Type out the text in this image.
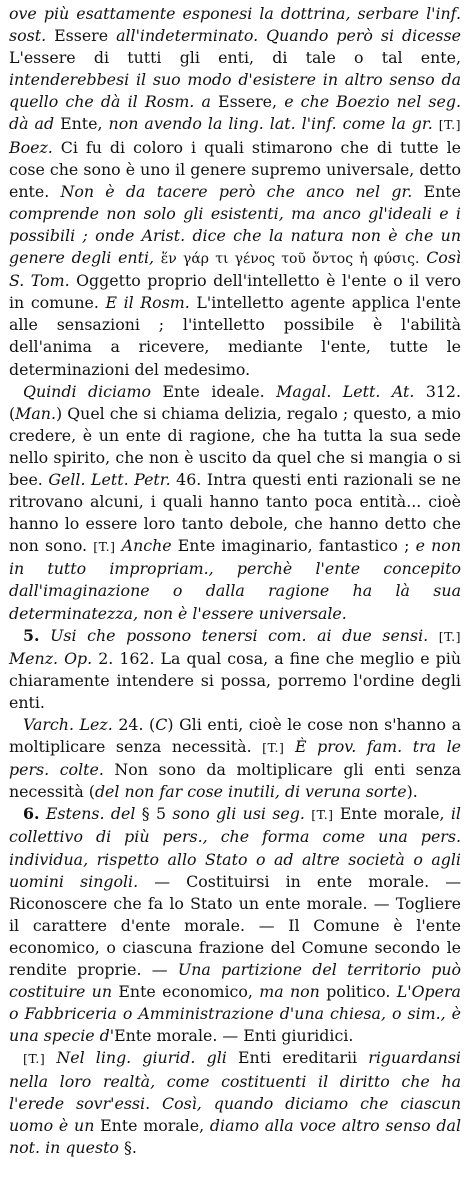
ove più esattamente esponesi la dottrina, serbare l'inf. sost. Essere all'indeterminato. Quando però si dicesse L'essere di tutti gli enti, di tale o tal ente, intenderebbesi il suo modo d'esistere in altro senso da quello che dà il Rosm. a Essere, e che Boezio nel seg. dà ad Ente, non avendo la ling. lat. l'inf. come la gr. [T.] Boez. Ci fu di coloro i quali stimarono che di tutte le cose che sono è uno il genere supremo universale, detto ente. Non è da tacere però che anco nel gr. Ente comprende non solo gli esistenti, ma anco gl'ideali e i possibili ; onde Arist. dice che la natura non è che un genere degli enti, ἕν γάρ τι γένος τοῦ ὄντος ἡ φύσις. Così S. Tom. Oggetto proprio dell'intelletto è l'ente o il vero in comune. E il Rosm. L'intelletto agente applica l'ente alle sensazioni ; l'intelletto possibile è l'abilità dell'anima a ricevere, mediante l'ente, tutte le determinazioni del medesimo.

Quindi diciamo Ente ideale. Magal. Lett. At. 312. (Man.) Quel che si chiama delizia, regalo ; questo, a mio credere, è un ente di ragione, che ha tutta la sua sede nello spirito, che non è uscito da quel che si mangia o si bee. Gell. Lett. Petr. 46. Intra questi enti razionali se ne ritrovano alcuni, i quali hanno tanto poca entità... cioè hanno lo essere loro tanto debole, che hanno detto che non sono. [T.] Anche Ente imaginario, fantastico ; e non in tutto impropriam., perchè l'ente concepito dall'imaginazione o dalla ragione ha là sua determinatezza, non è l'essere universale.

5. Usi che possono tenersi com. ai due sensi. [T.] Menz. Op. 2. 162. La qual cosa, a fine che meglio e più chiaramente intendere si possa, porremo l'ordine degli enti.

Varch. Lez. 24. (C) Gli enti, cioè le cose non s'hanno a moltiplicare senza necessità. [T.] È prov. fam. tra le pers. colte. Non sono da moltiplicare gli enti senza necessità (del non far cose inutili, di veruna sorte).

6. Estens. del § 5 sono gli usi seg. [T.] Ente morale, il collettivo di più pers., che forma come una pers. individua, rispetto allo Stato o ad altre società o agli uomini singoli. — Costituirsi in ente morale. — Riconoscere che fa lo Stato un ente morale. — Togliere il carattere d'ente morale. — Il Comune è l'ente economico, o ciascuna frazione del Comune secondo le rendite proprie. — Una partizione del territorio può costituire un Ente economico, ma non politico. L'Opera o Fabbriceria o Amministrazione d'una chiesa, o sim., è una specie d'Ente morale. — Enti giuridici.

[T.] Nel ling. giurid. gli Enti ereditarii riguardansi nella loro realtà, come costituenti il diritto che ha l'erede sovr'essi. Così, quando diciamo che ciascun uomo è un Ente morale, diamo alla voce altro senso dal not. in questo §.
